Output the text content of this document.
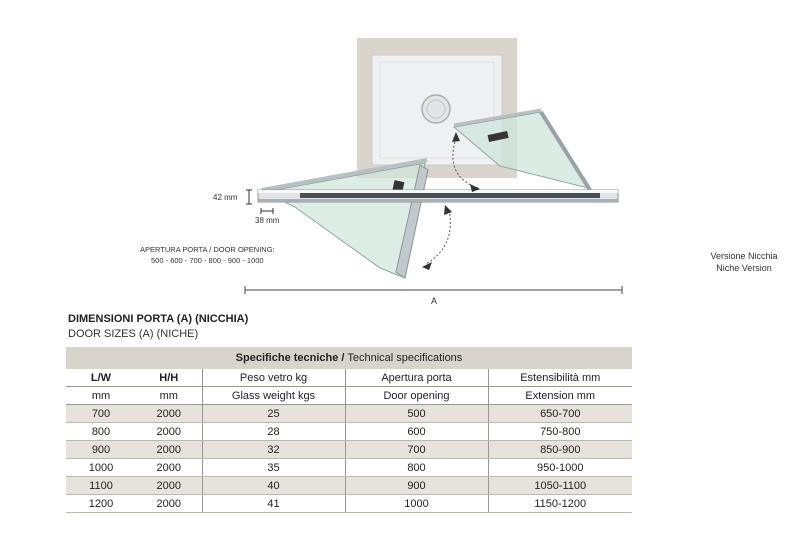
42 mm
38 mm
APERTURA PORTA / DOOR OPENING:
500 - 600 - 700 - 800 - 900 - 1000
A
Versione Nicchia
Niche Version
DIMENSIONI PORTA (A) (NICCHIA)
DOOR SIZES (A) (NICHE)
Specifiche tecniche / Technical specifications				
L/W	H/H	Peso vetro kg	Apertura porta	Estensibilità mm
mm	mm	Glass weight kgs	Door opening	Extension mm
700	2000	25	500	650-700
800	2000	28	600	750-800
900	2000	32	700	850-900
1000	2000	35	800	950-1000
1100	2000	40	900	1050-1100
1200	2000	41	1000	1150-1200
